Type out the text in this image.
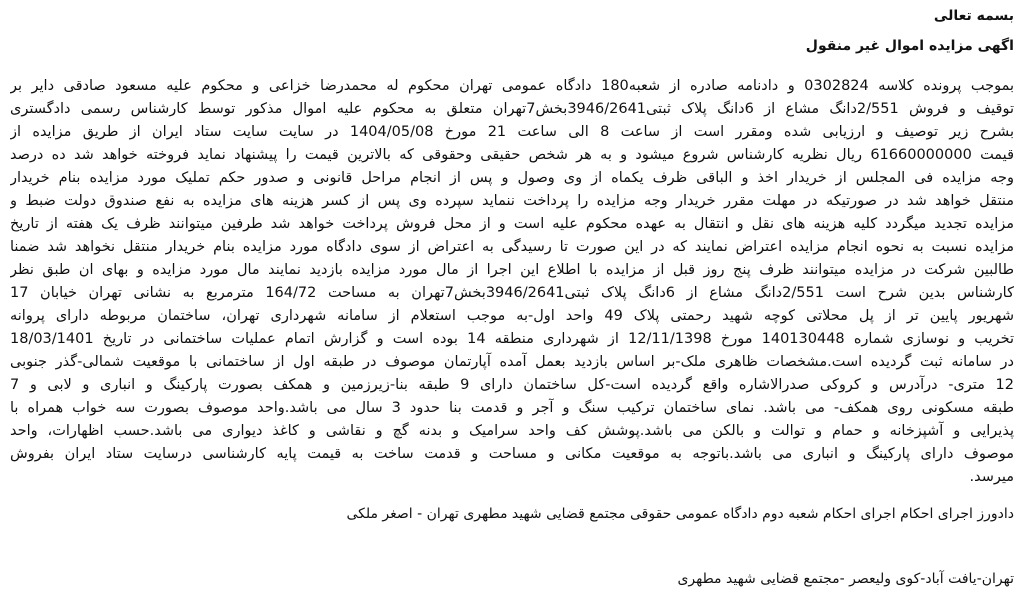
بسمه تعالی
اگهی مزایده اموال غیر منقول
بموجب پرونده کلاسه 0302824 و دادنامه صادره از شعبه180 دادگاه عمومی تهران محکوم له محمدرضا خزاعی و محکوم علیه مسعود صادقی دایر بر
توقیف و فروش 2/551دانگ مشاع از 6دانگ پلاک ثبتی3946/2641بخش7تهران متعلق به محکوم علیه اموال مذکور توسط کارشناس رسمی دادگستری
بشرح زیر توصیف و ارزیابی شده ومقرر است از ساعت 8 الی ساعت 21 مورخ 1404/05/08 در سایت سایت ستاد ایران از طریق مزایده از
قیمت 61660000000 ریال نظریه کارشناس شروع میشود و به هر شخص حقیقی وحقوقی که بالاترین قیمت را پیشنهاد نماید فروخته خواهد شد ده درصد
وجه مزایده فی المجلس از خریدار اخذ و الباقی ظرف یکماه از وی وصول و پس از انجام مراحل قانونی و صدور حکم تملیک مورد مزایده بنام خریدار
منتقل خواهد شد در صورتیکه در مهلت مقرر خریدار وجه مزایده را پرداخت ننماید سپرده وی پس از کسر هزینه های مزایده به نفع صندوق دولت ضبط و
مزایده تجدید میگردد کلیه هزینه های نقل و انتقال به عهده محکوم علیه است و از محل فروش پرداخت خواهد شد طرفین میتوانند ظرف یک هفته از تاریخ
مزایده نسبت به نحوه انجام مزایده اعتراض نمایند که در این صورت تا رسیدگی به اعتراض از سوی دادگاه مورد مزایده بنام خریدار منتقل نخواهد شد ضمنا
طالبین شرکت در مزایده میتوانند ظرف پنج روز قبل از مزایده با اطلاع این اجرا از مال مورد مزایده بازدید نمایند مال مورد مزایده و بهای ان طبق نظر
کارشناس بدین شرح است 2/551دانگ مشاع از 6دانگ پلاک ثبتی3946/2641بخش7تهران به مساحت 164/72 مترمربع به نشانی تهران خیابان 17
شهریور پایین تر از پل محلاتی کوچه شهید رحمتی پلاک 49 واحد اول-به موجب استعلام از سامانه شهرداری تهران، ساختمان مربوطه دارای پروانه
تخریب و نوسازی شماره 140130448 مورخ 12/11/1398 از شهرداری منطقه 14 بوده است و گزارش اتمام عملیات ساختمانی در تاریخ 18/03/1401
در سامانه ثبت گردیده است.مشخصات ظاهری ملک-بر اساس بازدید بعمل آمده آپارتمان موصوف در طبقه اول از ساختمانی با موقعیت شمالی-گذر جنوبی
12 متری- درآدرس و کروکی صدرالاشاره واقع گردیده است-کل ساختمان دارای 9 طبقه بنا-زیرزمین و همکف بصورت پارکینگ و انباری و لابی و 7
طبقه مسکونی روی همکف- می باشد. نمای ساختمان ترکیب سنگ و آجر و قدمت بنا حدود 3 سال می باشد.واحد موصوف بصورت سه خواب همراه با
پذیرایی و آشپزخانه و حمام و توالت و بالکن می باشد.پوشش کف واحد سرامیک و بدنه گچ و نقاشی و کاغذ دیواری می باشد.حسب اظهارات، واحد
موصوف دارای پارکینگ و انباری می باشد.باتوجه به موقعیت مکانی و مساحت و قدمت ساخت به قیمت پایه کارشناسی درسایت ستاد ایران بفروش
میرسد.
دادورز اجرای احکام اجرای احکام شعبه دوم دادگاه عمومی حقوقی مجتمع قضایی شهید مطهری تهران - اصغر ملکی
تهران-یافت آباد-کوی ولیعصر -مجتمع قضایی شهید مطهری
